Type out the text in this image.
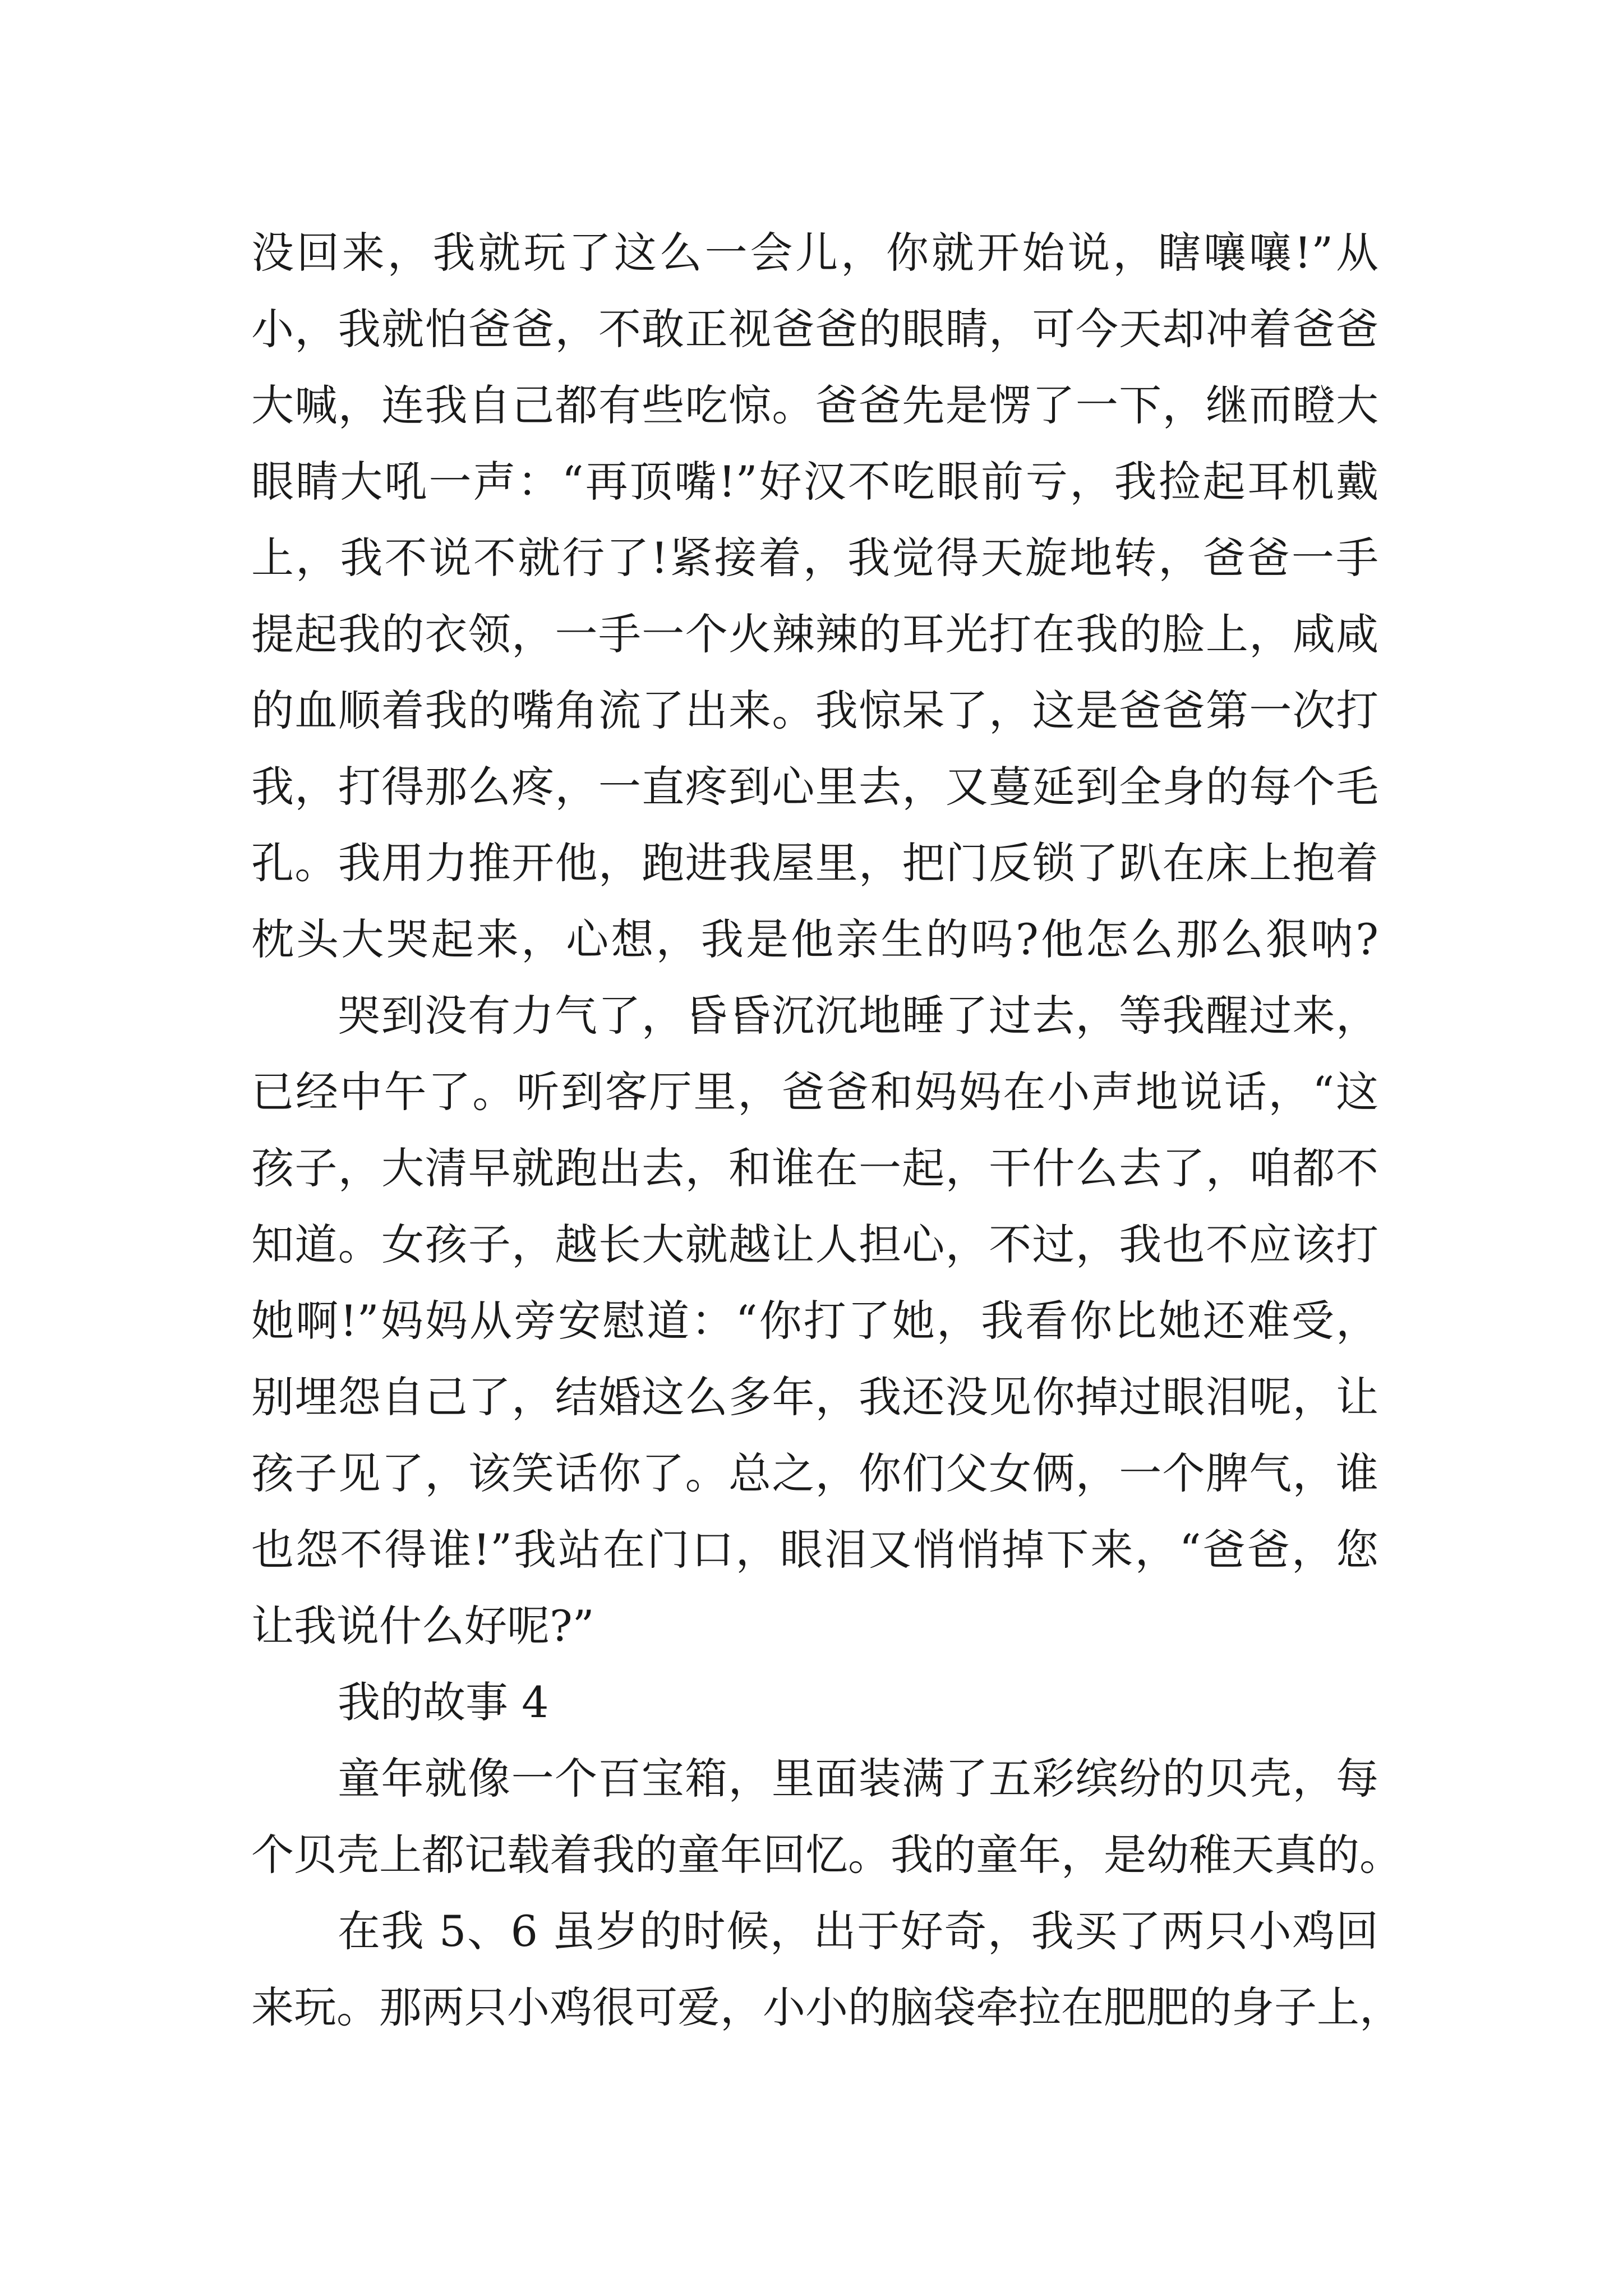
没回来，我就玩了这么一会儿，你就开始说，瞎嚷嚷!”从
小，我就怕爸爸，不敢正视爸爸的眼睛，可今天却冲着爸爸
大喊，连我自己都有些吃惊。爸爸先是愣了一下，继而瞪大
眼睛大吼一声：“再顶嘴!”好汉不吃眼前亏，我捡起耳机戴
上，我不说不就行了!紧接着，我觉得天旋地转，爸爸一手
提起我的衣领，一手一个火辣辣的耳光打在我的脸上，咸咸
的血顺着我的嘴角流了出来。我惊呆了，这是爸爸第一次打
我，打得那么疼，一直疼到心里去，又蔓延到全身的每个毛
孔。我用力推开他，跑进我屋里，把门反锁了趴在床上抱着
枕头大哭起来，心想，我是他亲生的吗?他怎么那么狠呐?
哭到没有力气了，昏昏沉沉地睡了过去，等我醒过来，
已经中午了。听到客厅里，爸爸和妈妈在小声地说话，“这
孩子，大清早就跑出去，和谁在一起，干什么去了，咱都不
知道。女孩子，越长大就越让人担心，不过，我也不应该打
她啊!”妈妈从旁安慰道：“你打了她，我看你比她还难受，
别埋怨自己了，结婚这么多年，我还没见你掉过眼泪呢，让
孩子见了，该笑话你了。总之，你们父女俩，一个脾气，谁
也怨不得谁!”我站在门口，眼泪又悄悄掉下来，“爸爸，您
让我说什么好呢?”
我的故事 4
童年就像一个百宝箱，里面装满了五彩缤纷的贝壳，每
个贝壳上都记载着我的童年回忆。我的童年，是幼稚天真的。
在我 5、6 虽岁的时候，出于好奇，我买了两只小鸡回
来玩。那两只小鸡很可爱，小小的脑袋牵拉在肥肥的身子上，
